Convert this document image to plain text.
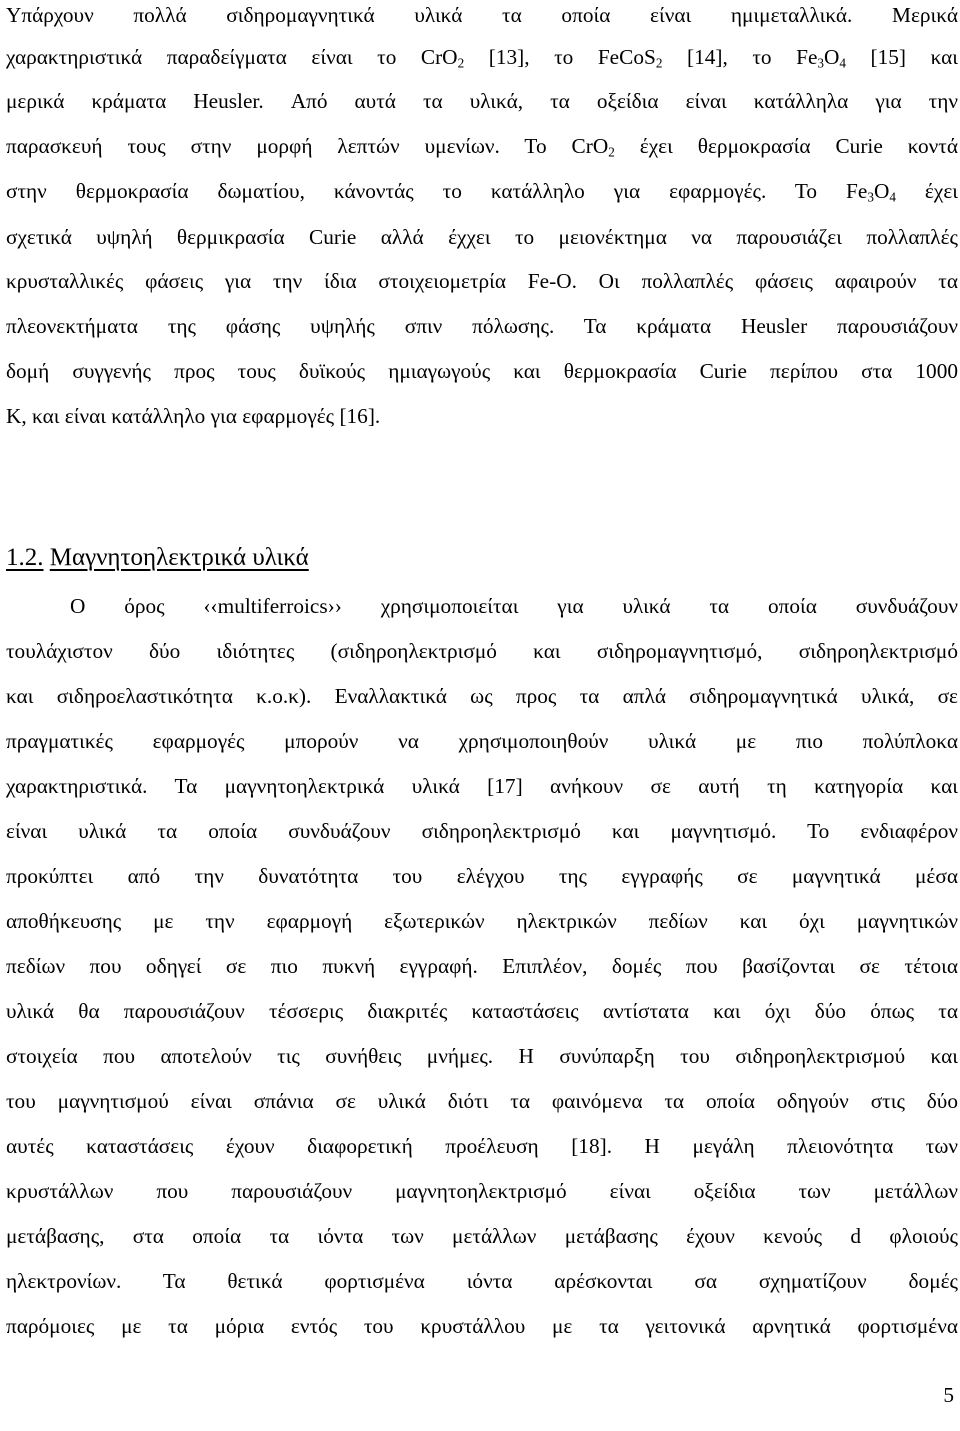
Υπάρχουν πολλά σιδηρομαγνητικά υλικά τα οποία είναι ημιμεταλλικά. Μερικά
χαρακτηριστικά παραδείγματα είναι το CrO$_2$ [13], το FeCoS$_2$ [14], το $Fe_3O_4$ [15] και
μερικά κράματα Heusler. Από αυτά τα υλικά, τα οξείδια είναι κατάλληλα για την
παρασκευή τους στην μορφή λεπτών υμενίων. Το CrO$_2$ έχει θερμοκρασία Curie κοντά
στην θερμοκρασία δωματίου, κάνοντάς το κατάλληλο για εφαρμογές. Το $Fe_3O_4$ έχει
σχετικά υψηλή θερμικρασία Curie αλλά έχχει το μειονέκτημα να παρουσιάζει πολλαπλές
κρυσταλλικές φάσεις για την ίδια στοιχειομετρία Fe-O. Οι πολλαπλές φάσεις αφαιρούν τα
πλεονεκτήματα της φάσης υψηλής σπιν πόλωσης. Τα κράματα Heusler παρουσιάζουν
δομή συγγενής προς τους δυϊκούς ημιαγωγούς και θερμοκρασία Curie περίπου στα 1000
Κ, και είναι κατάλληλο για εφαρμογές [16].
1.2. Μαγνητοηλεκτρικά υλικά
Ο όρος ‹‹multiferroics›› χρησιμοποιείται για υλικά τα οποία συνδυάζουν
τουλάχιστον δύο ιδιότητες (σιδηροηλεκτρισμό και σιδηρομαγνητισμό, σιδηροηλεκτρισμό
και σιδηροελαστικότητα κ.ο.κ). Εναλλακτικά ως προς τα απλά σιδηρομαγνητικά υλικά, σε
πραγματικές εφαρμογές μπορούν να χρησιμοποιηθούν υλικά με πιο πολύπλοκα
χαρακτηριστικά. Τα μαγνητοηλεκτρικά υλικά [17] ανήκουν σε αυτή τη κατηγορία και
είναι υλικά τα οποία συνδυάζουν σιδηροηλεκτρισμό και μαγνητισμό. Το ενδιαφέρον
προκύπτει από την δυνατότητα του ελέγχου της εγγραφής σε μαγνητικά μέσα
αποθήκευσης με την εφαρμογή εξωτερικών ηλεκτρικών πεδίων και όχι μαγνητικών
πεδίων που οδηγεί σε πιο πυκνή εγγραφή. Επιπλέον, δομές που βασίζονται σε τέτοια
υλικά θα παρουσιάζουν τέσσερις διακριτές καταστάσεις αντίστατα και όχι δύο όπως τα
στοιχεία που αποτελούν τις συνήθεις μνήμες. Η συνύπαρξη του σιδηροηλεκτρισμού και
του μαγνητισμού είναι σπάνια σε υλικά διότι τα φαινόμενα τα οποία οδηγούν στις δύο
αυτές καταστάσεις έχουν διαφορετική προέλευση [18]. Η μεγάλη πλειονότητα των
κρυστάλλων που παρουσιάζουν μαγνητοηλεκτρισμό είναι οξείδια των μετάλλων
μετάβασης, στα οποία τα ιόντα των μετάλλων μετάβασης έχουν κενούς d φλοιούς
ηλεκτρονίων. Τα θετικά φορτισμένα ιόντα αρέσκονται σα σχηματίζουν δομές
παρόμοιες με τα μόρια εντός του κρυστάλλου με τα γειτονικά αρνητικά φορτισμένα
5
